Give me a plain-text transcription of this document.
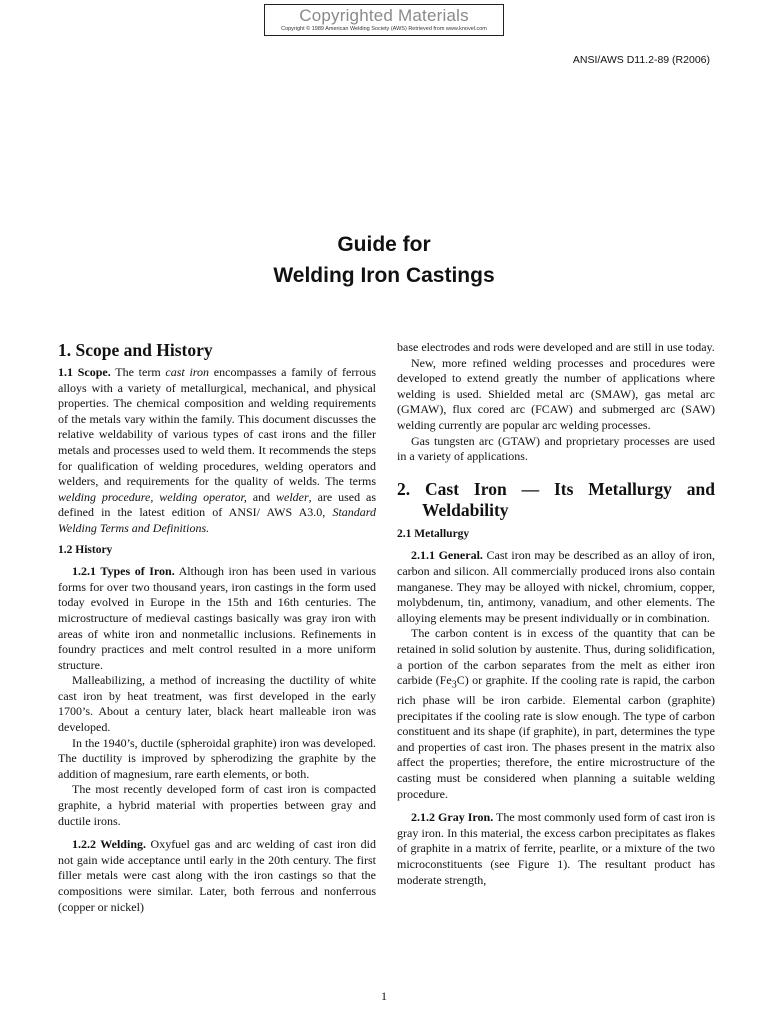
Copyrighted Materials
Copyright © 1989 American Welding Society (AWS) Retrieved from www.knovel.com
ANSI/AWS D11.2-89 (R2006)
Guide for
Welding Iron Castings
1. Scope and History

1.1 Scope. The term cast iron encompasses a family of ferrous alloys with a variety of metallurgical, mechanical, and physical properties. The chemical composition and welding requirements of the metals vary within the family. This document discusses the relative weldability of various types of cast irons and the filler metals and processes used to weld them. It recommends the steps for qualification of welding procedures, welding operators and welders, and requirements for the quality of welds. The terms welding procedure, welding operator, and welder, are used as defined in the latest edition of ANSI/ AWS A3.0, Standard Welding Terms and Definitions.

1.2 History

1.2.1 Types of Iron. Although iron has been used in various forms for over two thousand years, iron castings in the form used today evolved in Europe in the 15th and 16th centuries. The microstructure of medieval castings basically was gray iron with areas of white iron and nonmetallic inclusions. Refinements in foundry practices and melt control resulted in a more uniform structure.

Malleabilizing, a method of increasing the ductility of white cast iron by heat treatment, was first developed in the early 1700’s. About a century later, black heart malleable iron was developed.

In the 1940’s, ductile (spheroidal graphite) iron was developed. The ductility is improved by spherodizing the graphite by the addition of magnesium, rare earth elements, or both.

The most recently developed form of cast iron is compacted graphite, a hybrid material with properties between gray and ductile irons.

1.2.2 Welding. Oxyfuel gas and arc welding of cast iron did not gain wide acceptance until early in the 20th century. The first filler metals were cast along with the iron castings so that the compositions were similar. Later, both ferrous and nonferrous (copper or nickel)

base electrodes and rods were developed and are still in use today.

New, more refined welding processes and procedures were developed to extend greatly the number of applications where welding is used. Shielded metal arc (SMAW), gas metal arc (GMAW), flux cored arc (FCAW) and submerged arc (SAW) welding currently are popular arc welding processes.

Gas tungsten arc (GTAW) and proprietary processes are used in a variety of applications.

2. Cast Iron — Its Metallurgy and Weldability
2.1 Metallurgy

2.1.1 General. Cast iron may be described as an alloy of iron, carbon and silicon. All commercially produced irons also contain manganese. They may be alloyed with nickel, chromium, copper, molybdenum, tin, antimony, vanadium, and other elements. The alloying elements may be present individually or in combination.

The carbon content is in excess of the quantity that can be retained in solid solution by austenite. Thus, during solidification, a portion of the carbon separates from the melt as either iron carbide $(Fe_3C)$ or graphite. If the cooling rate is rapid, the carbon rich phase will be iron carbide. Elemental carbon (graphite) precipitates if the cooling rate is slow enough. The type of carbon constituent and its shape (if graphite), in part, determines the type and properties of cast iron. The phases present in the matrix also affect the properties; therefore, the entire microstructure of the casting must be considered when planning a suitable welding procedure.

2.1.2 Gray Iron. The most commonly used form of cast iron is gray iron. In this material, the excess carbon precipitates as flakes of graphite in a matrix of ferrite, pearlite, or a mixture of the two microconstituents (see Figure 1). The resultant product has moderate strength,

1
